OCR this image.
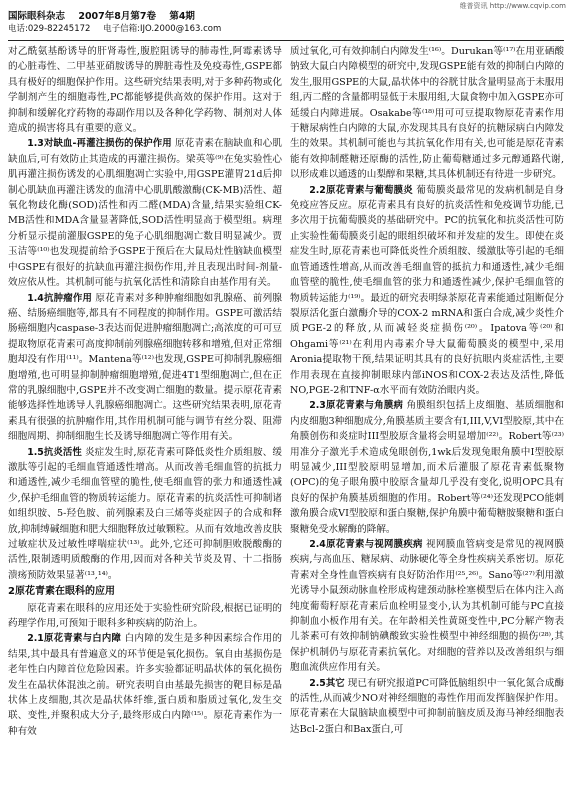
维普资讯 http://www.cqvip.com
国际眼科杂志 2007年8月第7卷 第4期
电话:029-82245172 电子信箱:IJO.2000@163.com

对乙酰氨基酚诱导的肝肾毒性,腹腔阻诱导的肺毒性,阿霉素诱导的心脏毒性、二甲基亚硝胺诱导的脾脏毒性及免疫毒性,GSPE都具有极好的细胞保护作用。这些研究结果表明,对于多种药物或化学制剂产生的细胞毒性,PC都能够提供高效的保护作用。这对于抑制和缓解化疗药物的毒副作用以及各种化学药物、制剂对人体造成的损害将具有重要的意义。

1.3对缺血-再灌注损伤的保护作用 原花青素在脑缺血和心肌缺血后,可有效防止其造成的再灌注损伤。梁英等⁽⁹⁾在兔实验性心肌再灌注损伤诱发的心肌细胞凋亡实验中,用GSPE灌胃21d后抑制心肌缺血再灌注诱发的血清中心肌肌酸激酶(CK-MB)活性、超氧化物歧化酶(SOD)活性和丙二醛(MDA)含量,结果实验组CK-MB活性和MDA含量显著降低,SOD活性明显高于模型组。病理分析显示提前灌服GSPE的兔子心肌细胞凋亡数目明显减少。贾玉洁等⁽¹⁰⁾也发现提前给予GSPE于预后在大鼠局灶性脑缺血模型中GSPE有很好的抗缺血再灌注损伤作用,并且表现出时间-剂量-效应依从性。其机制可能与抗氧化活性和清除自由基作用有关。

1.4抗肿瘤作用 原花青素对多种肿瘤细胞如乳腺癌、前列腺癌、结肠癌细胞等,都具有不同程度的抑制作用。GSPE可激活结肠癌细胞内caspase-3表达而促进肿瘤细胞凋亡;高浓度的可可豆提取物原花青素可高度抑制前列腺癌细胞转移和增殖,但对正常细胞却没有作用⁽¹¹⁾。Mantena等⁽¹²⁾也发现,GSPE可抑制乳腺癌细胞增殖,也可明显抑制肿瘤细胞增殖,促进4T1型细胞凋亡,但在正常的乳腺细胞中,GSPE并不改变凋亡细胞的数量。提示原花青素能够选择性地诱导人乳腺癌细胞凋亡。这些研究结果表明,原花青素具有很强的抗肿瘤作用,其作用机制可能与调节有丝分裂、阻滞细胞周期、抑制细胞生长及诱导细胞凋亡等作用有关。

1.5抗炎活性 炎症发生时,原花青素可降低炎性介质组胺、缓激肽等引起的毛细血管通透性增高。从而改善毛细血管的抗抵力和通透性,减少毛细血管壁的脆性,使毛细血管的张力和通透性减少,保护毛细血管的物质转运能力。原花青素的抗炎活性可抑制诸如组织胺、5-羟色胺、前列腺素及白三烯等炎症因子的合成和释放,抑制缚碱细胞和肥大细胞释放过敏颗粒。从而有效地改善皮肤过敏症状及过敏性哮喘症状⁽¹³⁾。此外,它还可抑制胆败脱酸酶的活性,限制透明质酸酶的作用,因而对各种关节炎及胃、十二指肠溃疡预防效果显著⁽¹³,¹⁴⁾。

2原花青素在眼科的应用

原花青素在眼科的应用还处于实验性研究阶段,根据已证明的药理学作用,可预知于眼科多种疾病的防治上。

2.1原花青素与白内障 白内障的发生是多种因素综合作用的结果,其中最具有普遍意义的环节便是氧化损伤。氧自由基损伤是老年性白内障首位危险因素。许多实验都证明晶状体的氧化损伤发生在晶状体混浊之前。研究表明自由基最先损害的靶目标是晶状体上皮细胞,其次是晶状体纤维,蛋白质和脂质过氧化,发生交联、变性,并聚积成大分子,最终形成白内障⁽¹⁵⁾。原花青素作为一种有效

质过氧化,可有效抑制白内障发生⁽¹⁶⁾。Durukan等⁽¹⁷⁾在用亚硒酸钠致大鼠白内障模型的研究中,发现GSPE能有效的抑制白内障的发生,服用GSPE的大鼠,晶状体中的谷胱甘肽含量明显高于未服用组,丙二醛的含量都明显低于未服用组,大鼠食物中加入GSPE亦可延缓白内障进展。Osakabe等⁽¹⁸⁾用可可豆提取物原花青素作用于糖尿病性白内障的大鼠,亦发现其具有良好的抗糖尿病白内障发生的效果。其机制可能也与其抗氧化作用有关,也可能是原花青素能有效抑制醛糖还原酶的活性,防止葡萄糖通过多元醇通路代谢,以形成难以通透的山梨醇和果糖,其具体机制还有待进一步研究。

2.2原花青素与葡萄膜炎 葡萄膜炎最常见的发病机制是自身免疫应答反应。原花青素具有良好的抗炎活性和免疫调节功能,已多次用于抗葡萄膜炎的基础研究中。PC的抗氧化和抗炎活性可防止实验性葡萄膜炎引起的眼组织破坏和并发症的发生。即使在炎症发生时,原花青素也可降低炎性介质组胺、缓激肽等引起的毛细血管通透性增高,从而改善毛细血管的抵抗力和通透性,减少毛细血管壁的脆性,使毛细血管的张力和通透性减少,保护毛细血管的物质转运能力⁽¹⁹⁾。最近的研究表明绿茶原花青素能通过阻断促分裂原活化蛋白激酶介导的COX-2 mRNA和蛋白合成,减少炎性介质PGE-2的释放,从而减轻炎症损伤⁽²⁰⁾。Ipatova等⁽²⁰⁾和Ohgami等⁽²¹⁾在利用内毒素介导大鼠葡萄膜炎的模型中,采用Aronia提取物干预,结果证明其具有的良好抗眼内炎症活性,主要作用表现在直接抑制眼球内部iNOS和COX-2表达及活性,降低NO,PGE-2和TNF-α水平而有效防治眼内炎。

2.3原花青素与角膜病 角膜组织包括上皮细胞、基质细胞和内皮细胞3种细胞成分,角膜基质主要含有I,III,V,VI型胶原,其中在角膜创伤和炎症时III型胶原含量将会明显增加⁽²²⁾。Robert等⁽²³⁾用准分子激光手术造成兔眼创伤,1wk后发现兔眼角膜中I型胶原明显减少,III型胶原明显增加,而术后灌服了原花青素低聚物(OPC)的兔子眼角膜中胶原含量却几乎没有变化,说明OPC具有良好的保护角膜基质细胞的作用。Robert等⁽²⁴⁾还发现PCO能刺激角膜合成VI型胶原和蛋白聚糖,保护角膜中葡萄糖胺聚糖和蛋白聚糖免受水解酶的降解。

2.4原花青素与视网膜疾病 视网膜血管病变是常见的视网膜疾病,与高血压、糖尿病、动脉硬化等全身性疾病关系密切。原花青素对全身性血管疾病有良好防治作用⁽²⁵,²⁶⁾。Sano等⁽²⁷⁾利用激光诱导小鼠颈动脉血栓形成构建颈动脉栓塞模型后在体内注入高纯度葡萄籽原花青素后血栓明显变小,认为其机制可能与PC直接抑制血小板作用有关。在年龄相关性黄斑变性中,PC分解产物表儿茶素可有效抑制钠碘酸致实验性模型中神经细胞的损伤⁽²⁸⁾,其保护机制仍与原花青素抗氧化。对细胞的营养以及改善组织与细胞血流供应作用有关。

2.5其它 现已有研究报道PC可降低脑组织中一氧化氮合成酶的活性,从而减少NO对神经细胞的毒性作用而发挥脑保护作用。原花青素在大鼠脑缺血模型中可抑制前脑皮质及海马神经细胞表达Bcl-2蛋白和Bax蛋白,可
